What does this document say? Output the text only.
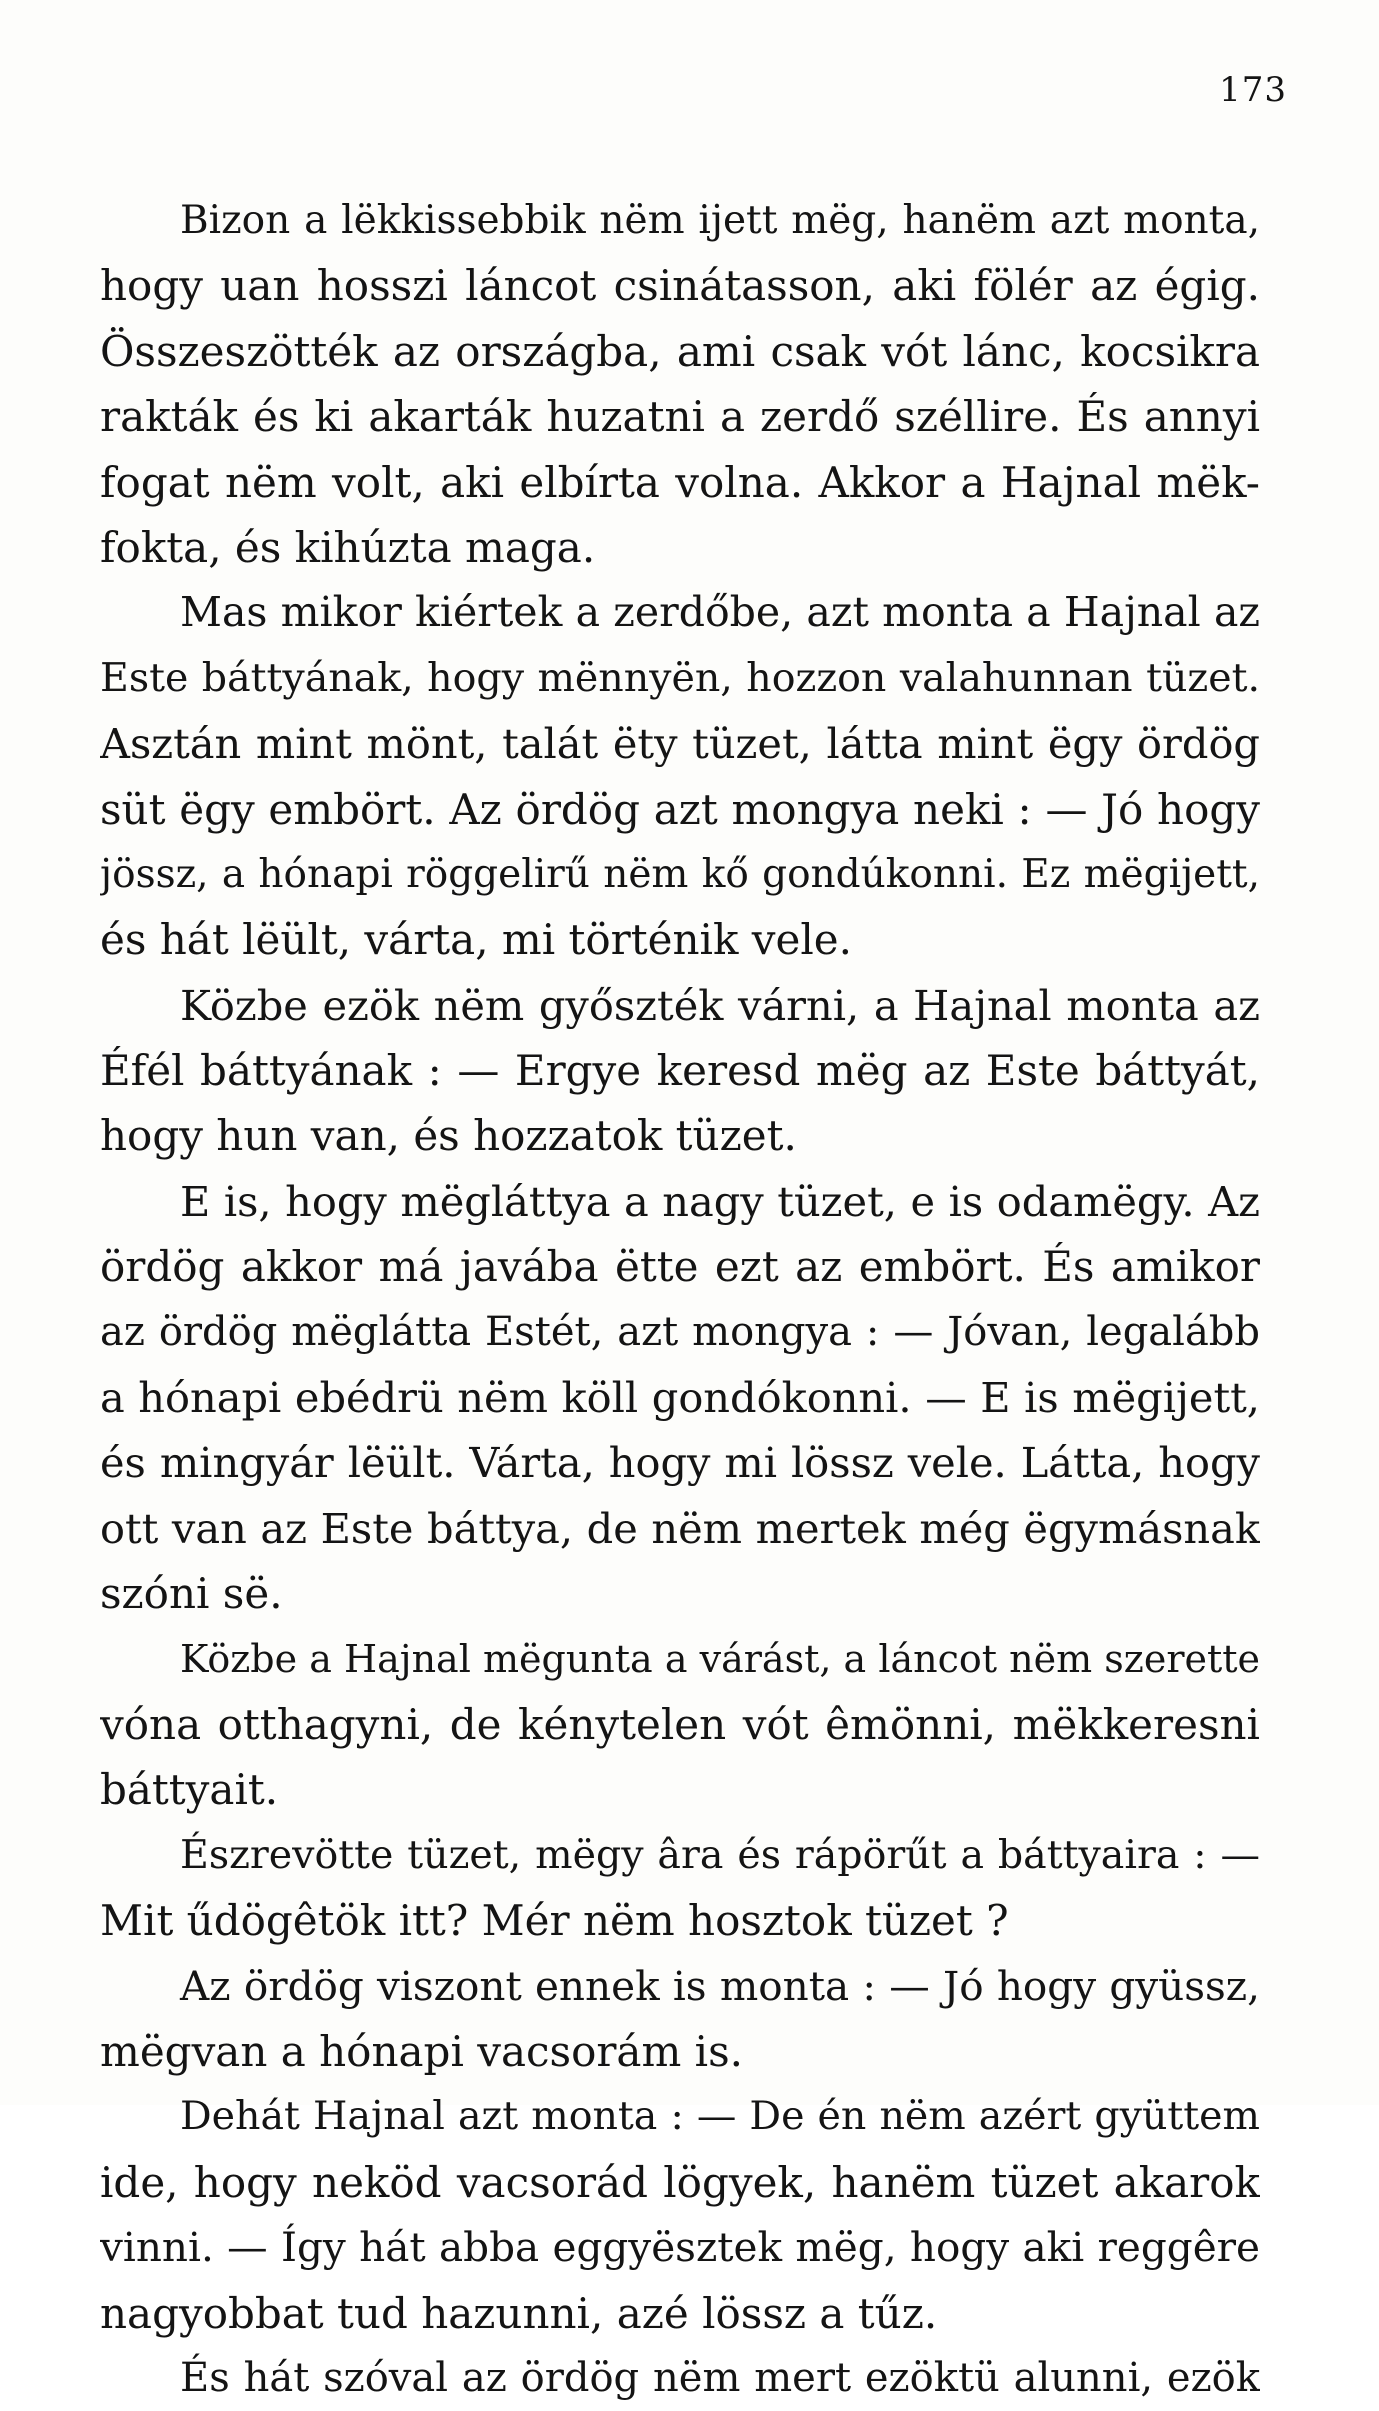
173
Bizon a lëkkissebbik nëm ijett mëg, hanëm azt monta,
hogy uan hosszi láncot csinátasson, aki fölér az égig.
Összeszötték az országba, ami csak vót lánc, kocsikra
rakták és ki akarták huzatni a zerdő széllire. És annyi
fogat nëm volt, aki elbírta volna. Akkor a Hajnal mëk-
fokta, és kihúzta maga.
Mas mikor kiértek a zerdőbe, azt monta a Hajnal az
Este báttyának, hogy mënnyën, hozzon valahunnan tüzet.
Asztán mint mönt, talát ëty tüzet, látta mint ëgy ördög
süt ëgy embört. Az ördög azt mongya neki : — Jó hogy
jössz, a hónapi röggelirű nëm kő gondúkonni. Ez mëgijett,
és hát lëült, várta, mi történik vele.
Közbe ezök nëm győszték várni, a Hajnal monta az
Éfél báttyának : — Ergye keresd mëg az Este báttyát,
hogy hun van, és hozzatok tüzet.
E is, hogy mëgláttya a nagy tüzet, e is odamëgy. Az
ördög akkor má javába ëtte ezt az embört. És amikor
az ördög mëglátta Estét, azt mongya : — Jóvan, legalább
a hónapi ebédrü nëm köll gondókonni. — E is mëgijett,
és mingyár lëült. Várta, hogy mi lössz vele. Látta, hogy
ott van az Este báttya, de nëm mertek még ëgymásnak
szóni së.
Közbe a Hajnal mëgunta a várást, a láncot nëm szerette
vóna otthagyni, de kénytelen vót êmönni, mëkkeresni
báttyait.
Észrevötte tüzet, mëgy âra és rápörűt a báttyaira : —
Mit űdögêtök itt? Mér nëm hosztok tüzet ?
Az ördög viszont ennek is monta : — Jó hogy gyüssz,
mëgvan a hónapi vacsorám is.
Dehát Hajnal azt monta : — De én nëm azért gyüttem
ide, hogy neköd vacsorád lögyek, hanëm tüzet akarok
vinni. — Így hát abba eggyësztek mëg, hogy aki reggêre
nagyobbat tud hazunni, azé lössz a tűz.
És hát szóval az ördög nëm mert ezöktü alunni, ezök
